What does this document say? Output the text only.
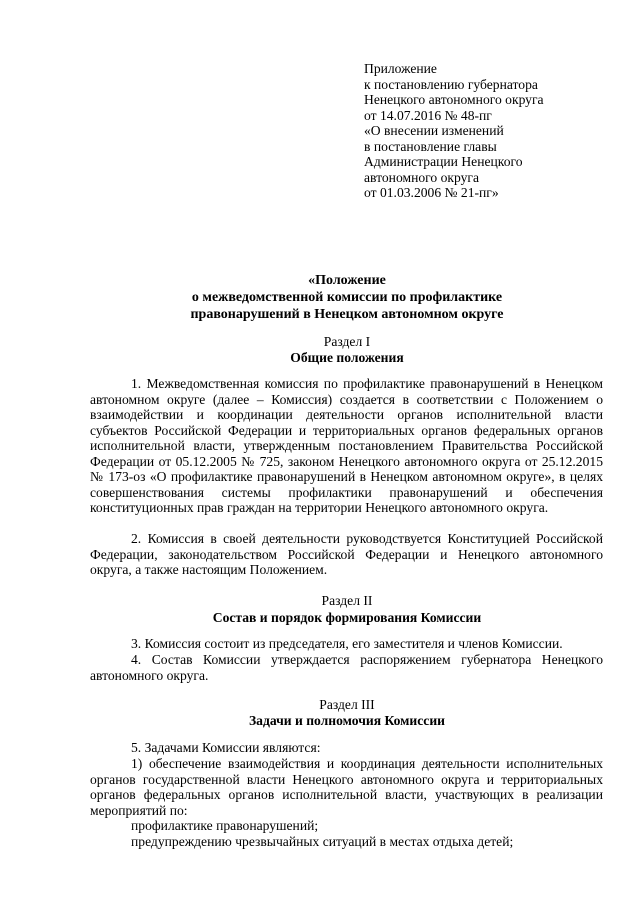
Приложение
к постановлению губернатора
Ненецкого автономного округа
от 14.07.2016 № 48-пг
«О внесении изменений
в постановление главы
Администрации Ненецкого
автономного округа
от 01.03.2006 № 21-пг»
«Положение
о межведомственной комиссии по профилактике
правонарушений в Ненецком автономном округе
Раздел I
Общие положения
1. Межведомственная комиссия по профилактике правонарушений в Ненецком автономном округе (далее – Комиссия) создается в соответствии с Положением о взаимодействии и координации деятельности органов исполнительной власти субъектов Российской Федерации и территориальных органов федеральных органов исполнительной власти, утвержденным постановлением Правительства Российской Федерации от 05.12.2005 № 725, законом Ненецкого автономного округа от 25.12.2015 № 173-оз «О профилактике правонарушений в Ненецком автономном округе», в целях совершенствования системы профилактики правонарушений и обеспечения конституционных прав граждан на территории Ненецкого автономного округа.
2. Комиссия в своей деятельности руководствуется Конституцией Российской Федерации, законодательством Российской Федерации и Ненецкого автономного округа, а также настоящим Положением.
Раздел II
Состав и порядок формирования Комиссии
3. Комиссия состоит из председателя, его заместителя и членов Комиссии.
4. Состав Комиссии утверждается распоряжением губернатора Ненецкого автономного округа.
Раздел III
Задачи и полномочия Комиссии
5. Задачами Комиссии являются:
1) обеспечение взаимодействия и координация деятельности исполнительных органов государственной власти Ненецкого автономного округа и территориальных органов федеральных органов исполнительной власти, участвующих в реализации мероприятий по:
профилактике правонарушений;
предупреждению чрезвычайных ситуаций в местах отдыха детей;
